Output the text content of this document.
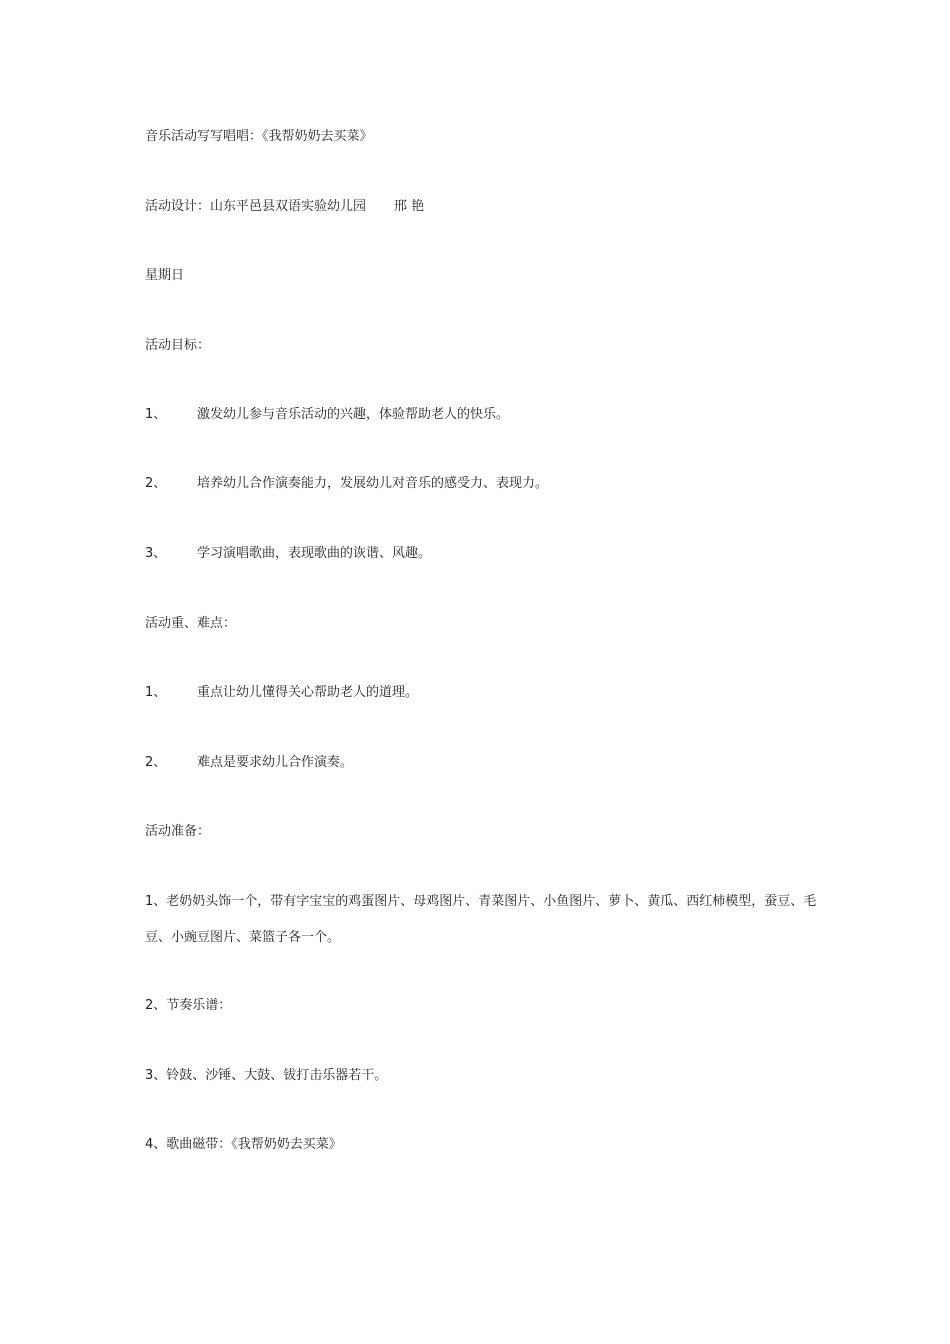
音乐活动写写唱唱：《我帮奶奶去买菜》
活动设计：山东平邑县双语实验幼儿园 邢 艳
星期日
活动目标：
1、 激发幼儿参与音乐活动的兴趣，体验帮助老人的快乐。
2、 培养幼儿合作演奏能力，发展幼儿对音乐的感受力、表现力。
3、 学习演唱歌曲，表现歌曲的诙谐、风趣。
活动重、难点：
1、 重点让幼儿懂得关心帮助老人的道理。
2、 难点是要求幼儿合作演奏。
活动准备：
1、老奶奶头饰一个，带有字宝宝的鸡蛋图片、母鸡图片、青菜图片、小鱼图片、萝卜、黄瓜、西红柿模型，蚕豆、毛豆、小豌豆图片、菜篮子各一个。
2、节奏乐谱：
3、铃鼓、沙锤、大鼓、钹打击乐器若干。
4、歌曲磁带：《我帮奶奶去买菜》
